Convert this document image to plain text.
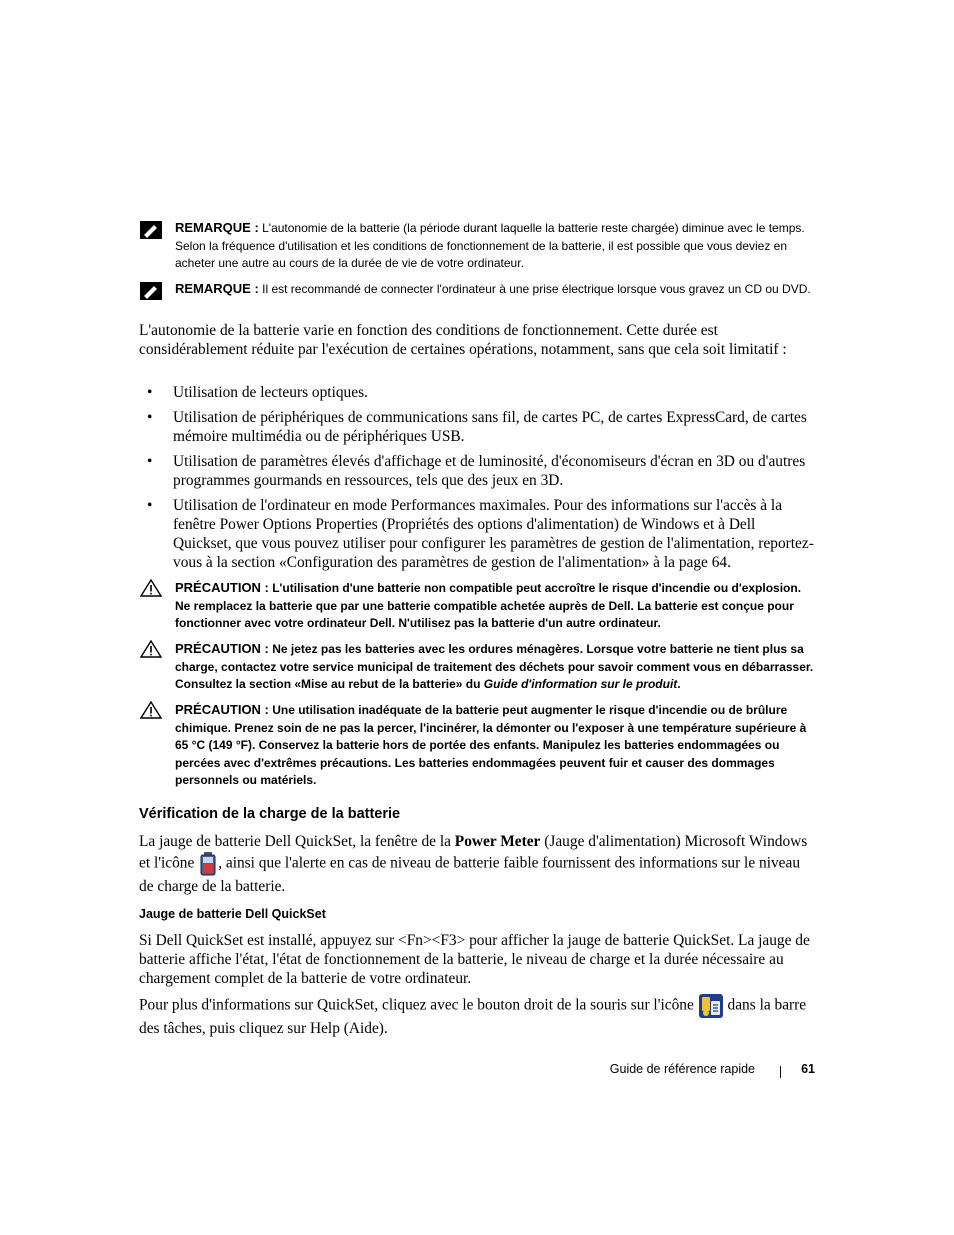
REMARQUE : L'autonomie de la batterie (la période durant laquelle la batterie reste chargée) diminue avec le temps. Selon la fréquence d'utilisation et les conditions de fonctionnement de la batterie, il est possible que vous deviez en acheter une autre au cours de la durée de vie de votre ordinateur.
REMARQUE : Il est recommandé de connecter l'ordinateur à une prise électrique lorsque vous gravez un CD ou DVD.

L'autonomie de la batterie varie en fonction des conditions de fonctionnement. Cette durée est considérablement réduite par l'exécution de certaines opérations, notamment, sans que cela soit limitatif :

• Utilisation de lecteurs optiques.
• Utilisation de périphériques de communications sans fil, de cartes PC, de cartes ExpressCard, de cartes mémoire multimédia ou de périphériques USB.
• Utilisation de paramètres élevés d'affichage et de luminosité, d'économiseurs d'écran en 3D ou d'autres programmes gourmands en ressources, tels que des jeux en 3D.
• Utilisation de l'ordinateur en mode Performances maximales. Pour des informations sur l'accès à la fenêtre Power Options Properties (Propriétés des options d'alimentation) de Windows et à Dell Quickset, que vous pouvez utiliser pour configurer les paramètres de gestion de l'alimentation, reportez-vous à la section «Configuration des paramètres de gestion de l'alimentation» à la page 64.
PRÉCAUTION : L'utilisation d'une batterie non compatible peut accroître le risque d'incendie ou d'explosion. Ne remplacez la batterie que par une batterie compatible achetée auprès de Dell. La batterie est conçue pour fonctionner avec votre ordinateur Dell. N'utilisez pas la batterie d'un autre ordinateur.
PRÉCAUTION : Ne jetez pas les batteries avec les ordures ménagères. Lorsque votre batterie ne tient plus sa charge, contactez votre service municipal de traitement des déchets pour savoir comment vous en débarrasser. Consultez la section «Mise au rebut de la batterie» du Guide d'information sur le produit.
PRÉCAUTION : Une utilisation inadéquate de la batterie peut augmenter le risque d'incendie ou de brûlure chimique. Prenez soin de ne pas la percer, l'incinérer, la démonter ou l'exposer à une température supérieure à 65 °C (149 °F). Conservez la batterie hors de portée des enfants. Manipulez les batteries endommagées ou percées avec d'extrêmes précautions. Les batteries endommagées peuvent fuir et causer des dommages personnels ou matériels.
Vérification de la charge de la batterie

La jauge de batterie Dell QuickSet, la fenêtre de la Power Meter (Jauge d'alimentation) Microsoft Windows et l'icône , ainsi que l'alerte en cas de niveau de batterie faible fournissent des informations sur le niveau de charge de la batterie.

Jauge de batterie Dell QuickSet

Si Dell QuickSet est installé, appuyez sur <Fn><F3> pour afficher la jauge de batterie QuickSet. La jauge de batterie affiche l'état, l'état de fonctionnement de la batterie, le niveau de charge et la durée nécessaire au chargement complet de la batterie de votre ordinateur.

Pour plus d'informations sur QuickSet, cliquez avec le bouton droit de la souris sur l'icône  dans la barre des tâches, puis cliquez sur Help (Aide).

Guide de référence rapide	61
